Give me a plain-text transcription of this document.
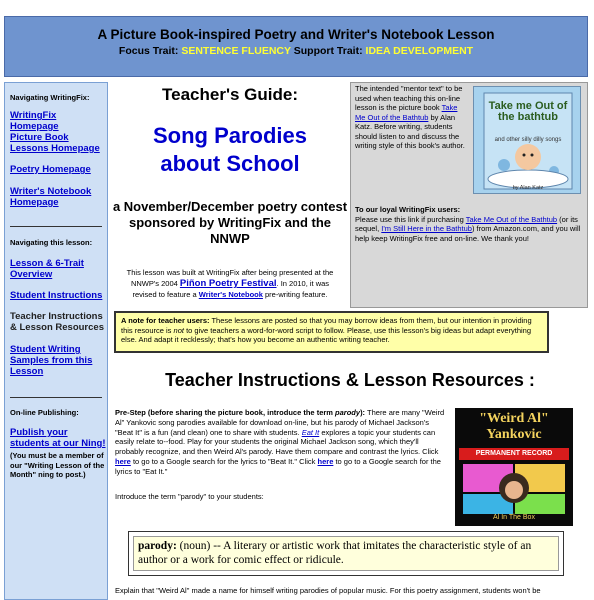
A Picture Book-inspired Poetry and Writer's Notebook Lesson
Focus Trait: SENTENCE FLUENCY Support Trait: IDEA DEVELOPMENT
Navigating WritingFix:
WritingFix Homepage
Picture Book Lessons Homepage
Poetry Homepage
Writer's Notebook Homepage
Navigating this lesson:
Lesson & 6-Trait Overview
Student Instructions
Teacher Instructions & Lesson Resources
Student Writing Samples from this Lesson
On-line Publishing:
Publish your students at our Ning!
(You must be a member of our "Writing Lesson of the Month" ning to post.)
Teacher's Guide:
Song Parodies about School
a November/December poetry contest sponsored by WritingFix and the NNWP
This lesson was built at WritingFix after being presented at the NNWP's 2004 Piñon Poetry Festival. In 2010, it was revised to feature a Writer's Notebook pre-writing feature.
The intended "mentor text" to be used when teaching this on-line lesson is the picture book Take Me Out of the Bathtub by Alan Katz. Before writing, students should listen to and discuss the writing style of this book's author.
Take me Out of the bathtub
and other silly dilly songs
by Alan Katz
To our loyal WritingFix users:
Please use this link if purchasing Take Me Out of the Bathtub (or its sequel, I'm Still Here in the Bathtub) from Amazon.com, and you will help keep WritingFix free and on-line. We thank you!
A note for teacher users: These lessons are posted so that you may borrow ideas from them, but our intention in providing this resource is not to give teachers a word-for-word script to follow. Please, use this lesson's big ideas but adapt everything else. And adapt it recklessly; that's how you become an authentic writing teacher.
Teacher Instructions & Lesson Resources :
Pre-Step (before sharing the picture book, introduce the term parody): There are many "Weird Al" Yankovic song parodies available for download on-line, but his parody of Michael Jackson's "Beat It" is a fun (and clean) one to share with students. Eat It explores a topic your students can easily relate to--food. Play for your students the original Michael Jackson song, which they'll probably recognize, and then Weird Al's parody. Have them compare and contrast the lyrics. Click here to go to a Google search for the lyrics to "Beat It." Click here to go to a Google search for the lyrics to "Eat It."
Introduce the term "parody" to your students:
"Weird Al"
Yankovic
PERMANENT RECORD
Al In The Box
parody: (noun) -- A literary or artistic work that imitates the characteristic style of an author or a work for comic effect or ridicule.
Explain that "Weird Al" made a name for himself writing parodies of popular music. For this poetry assignment, students won't be
